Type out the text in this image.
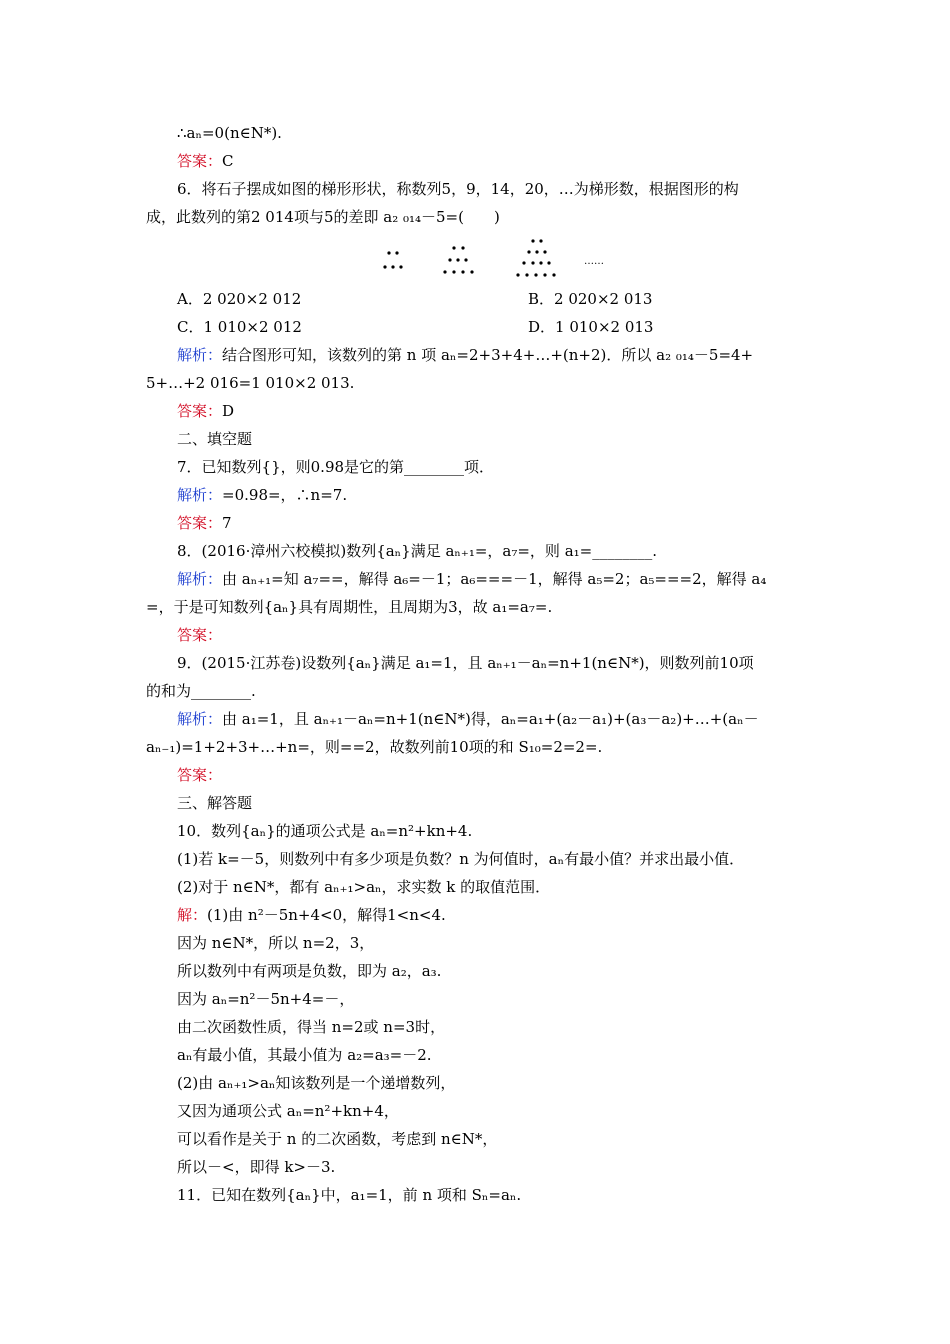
∴aₙ=0(n∈N*).
答案：C
6．将石子摆成如图的梯形形状，称数列5，9，14，20，…为梯形数，根据图形的构
成，此数列的第2 014项与5的差即 a₂ ₀₁₄－5=(　　)
……
A．2 020×2 012	B．2 020×2 013
C．1 010×2 012	D．1 010×2 013
解析：结合图形可知，该数列的第 n 项 aₙ=2+3+4+…+(n+2)．所以 a₂ ₀₁₄－5=4+
5+…+2 016=1 010×2 013.
答案：D
二、填空题
7．已知数列{}，则0.98是它的第________项．
解析：=0.98=，∴n=7.
答案：7
8．(2016·漳州六校模拟)数列{aₙ}满足 aₙ₊₁=，a₇=，则 a₁=________.
解析：由 aₙ₊₁=知 a₇==，解得 a₆=－1；a₆===－1，解得 a₅=2；a₅===2，解得 a₄
=，于是可知数列{aₙ}具有周期性，且周期为3，故 a₁=a₇=.
答案：
9．(2015·江苏卷)设数列{aₙ}满足 a₁=1，且 aₙ₊₁－aₙ=n+1(n∈N*)，则数列前10项
的和为________.
解析：由 a₁=1，且 aₙ₊₁－aₙ=n+1(n∈N*)得，aₙ=a₁+(a₂－a₁)+(a₃－a₂)+…+(aₙ－
aₙ₋₁)=1+2+3+…+n=，则==2，故数列前10项的和 S₁₀=2=2=.
答案：
三、解答题
10．数列{aₙ}的通项公式是 aₙ=n²+kn+4.
(1)若 k=－5，则数列中有多少项是负数？n 为何值时，aₙ有最小值？并求出最小值．
(2)对于 n∈N*，都有 aₙ₊₁>aₙ，求实数 k 的取值范围．
解：(1)由 n²－5n+4<0，解得1<n<4.
因为 n∈N*，所以 n=2，3，
所以数列中有两项是负数，即为 a₂，a₃.
因为 aₙ=n²－5n+4=－，
由二次函数性质，得当 n=2或 n=3时，
aₙ有最小值，其最小值为 a₂=a₃=－2.
(2)由 aₙ₊₁>aₙ知该数列是一个递增数列，
又因为通项公式 aₙ=n²+kn+4，
可以看作是关于 n 的二次函数，考虑到 n∈N*，
所以－<，即得 k>－3.
11．已知在数列{aₙ}中，a₁=1，前 n 项和 Sₙ=aₙ.
